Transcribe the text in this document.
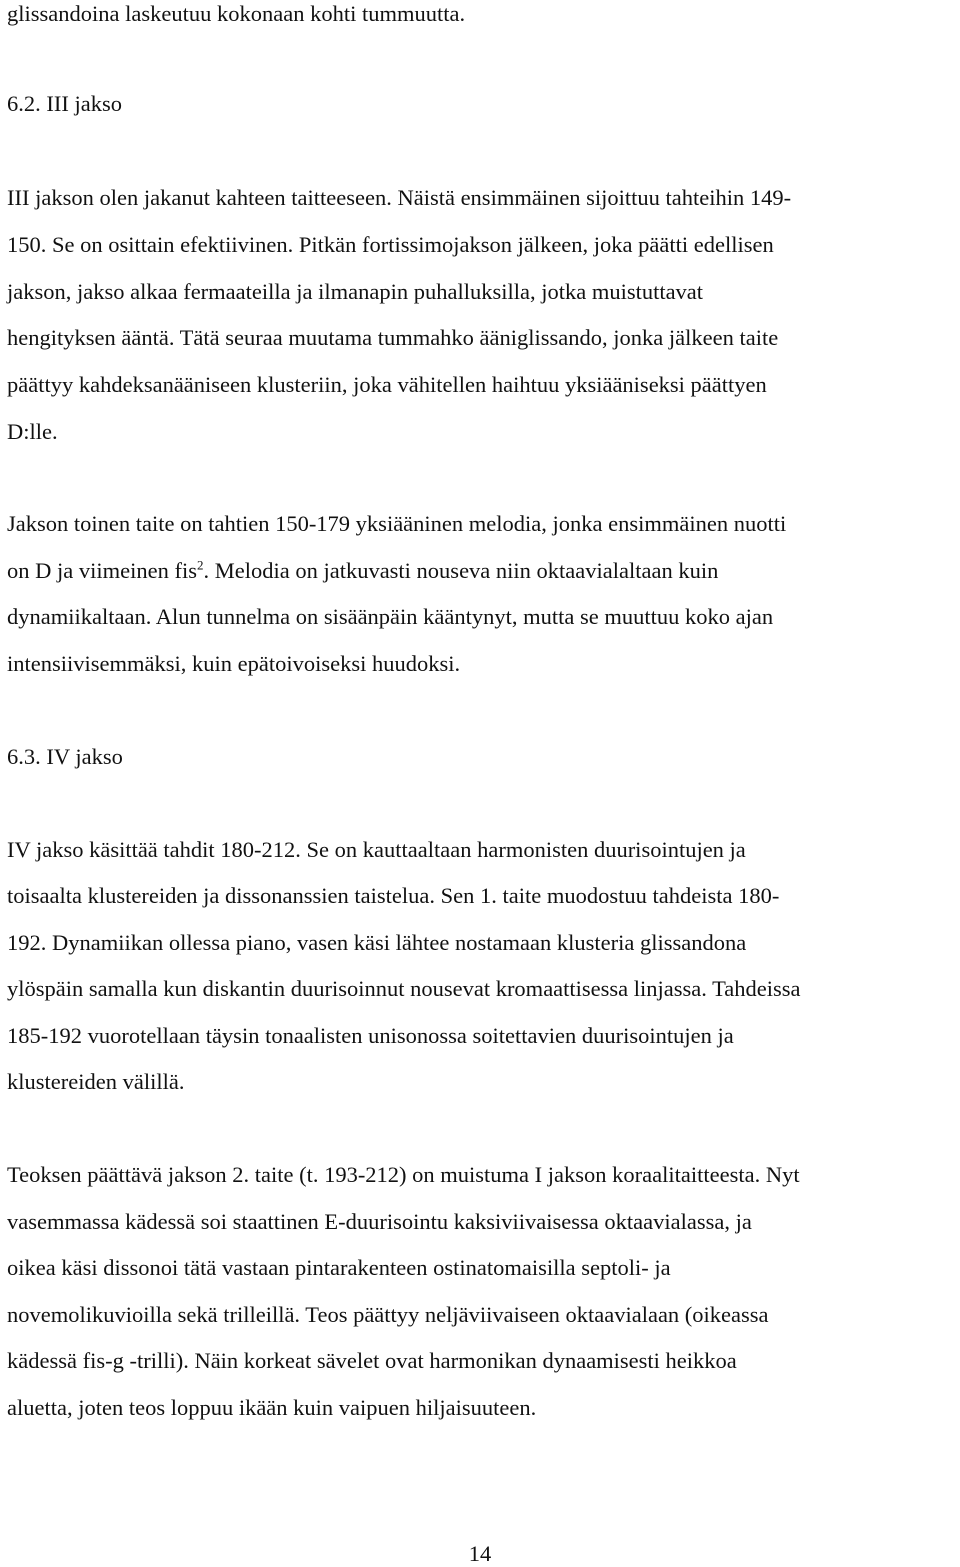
glissandoina laskeutuu kokonaan kohti tummuutta.
6.2. III jakso
III jakson olen jakanut kahteen taitteeseen. Näistä ensimmäinen sijoittuu tahteihin 149-
150. Se on osittain efektiivinen. Pitkän fortissimojakson jälkeen, joka päätti edellisen
jakson, jakso alkaa fermaateilla ja ilmanapin puhalluksilla, jotka muistuttavat
hengityksen ääntä. Tätä seuraa muutama tummahko ääniglissando, jonka jälkeen taite
päättyy kahdeksanääniseen klusteriin, joka vähitellen haihtuu yksiääniseksi päättyen
D:lle.
Jakson toinen taite on tahtien 150-179 yksiääninen melodia, jonka ensimmäinen nuotti
on D ja viimeinen fis$^2$. Melodia on jatkuvasti nouseva niin oktaavialaltaan kuin
dynamiikaltaan. Alun tunnelma on sisäänpäin kääntynyt, mutta se muuttuu koko ajan
intensiivisemmäksi, kuin epätoivoiseksi huudoksi.
6.3. IV jakso
IV jakso käsittää tahdit 180-212. Se on kauttaaltaan harmonisten duurisointujen ja
toisaalta klustereiden ja dissonanssien taistelua. Sen 1. taite muodostuu tahdeista 180-
192. Dynamiikan ollessa piano, vasen käsi lähtee nostamaan klusteria glissandona
ylöspäin samalla kun diskantin duurisoinnut nousevat kromaattisessa linjassa. Tahdeissa
185-192 vuorotellaan täysin tonaalisten unisonossa soitettavien duurisointujen ja
klustereiden välillä.
Teoksen päättävä jakson 2. taite (t. 193-212) on muistuma I jakson koraalitaitteesta. Nyt
vasemmassa kädessä soi staattinen E-duurisointu kaksiviivaisessa oktaavialassa, ja
oikea käsi dissonoi tätä vastaan pintarakenteen ostinatomaisilla septoli- ja
novemolikuvioilla sekä trilleillä. Teos päättyy neljäviivaiseen oktaavialaan (oikeassa
kädessä fis-g -trilli). Näin korkeat sävelet ovat harmonikan dynaamisesti heikkoa
aluetta, joten teos loppuu ikään kuin vaipuen hiljaisuuteen.
14
